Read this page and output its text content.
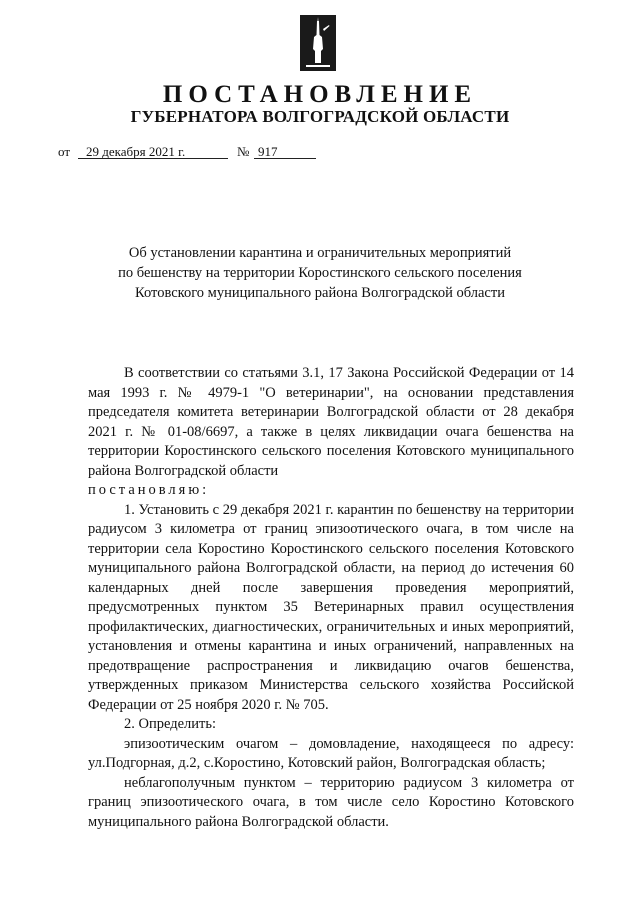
ПОСТАНОВЛЕНИЕ
ГУБЕРНАТОРА ВОЛГОГРАДСКОЙ ОБЛАСТИ
от 29 декабря 2021 г.	№ 917
Об установлении карантина и ограничительных мероприятий
по бешенству на территории Коростинского сельского поселения
Котовского муниципального района Волгоградской области

В соответствии со статьями 3.1, 17 Закона Российской Федерации от 14 мая 1993 г. № 4979-1 "О ветеринарии", на основании представления председателя комитета ветеринарии Волгоградской области от 28 декабря 2021 г. № 01-08/6697, а также в целях ликвидации очага бешенства на территории Коростинского сельского поселения Котовского муниципального района Волгоградской области

постановляю:

1. Установить с 29 декабря 2021 г. карантин по бешенству на территории радиусом 3 километра от границ эпизоотического очага, в том числе на территории села Коростино Коростинского сельского поселения Котовского муниципального района Волгоградской области, на период до истечения 60 календарных дней после завершения проведения мероприятий, предусмотренных пунктом 35 Ветеринарных правил осуществления профилактических, диагностических, ограничительных и иных мероприятий, установления и отмены карантина и иных ограничений, направленных на предотвращение распространения и ликвидацию очагов бешенства, утвержденных приказом Министерства сельского хозяйства Российской Федерации от 25 ноября 2020 г. № 705.

2. Определить:

эпизоотическим очагом – домовладение, находящееся по адресу: ул.Подгорная, д.2, с.Коростино, Котовский район, Волгоградская область;

неблагополучным пунктом – территорию радиусом 3 километра от границ эпизоотического очага, в том числе село Коростино Котовского муниципального района Волгоградской области.
